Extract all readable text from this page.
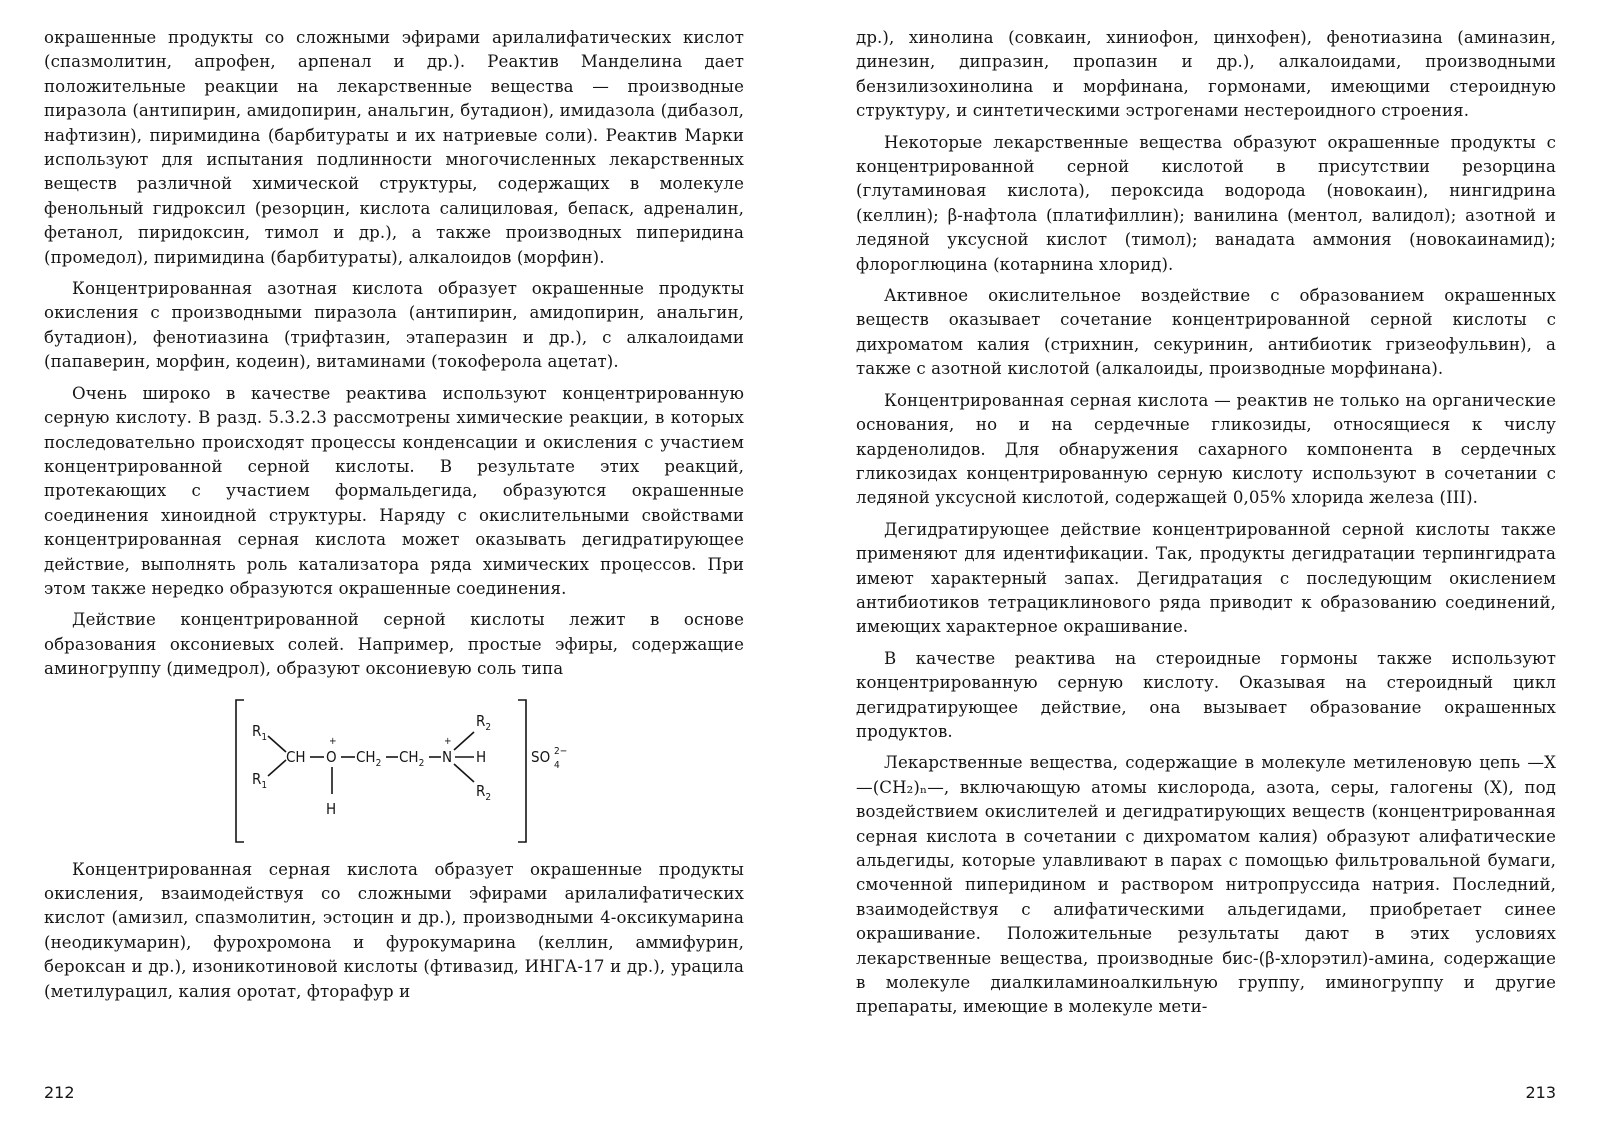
окрашенные продукты со сложными эфирами арилалифатических кислот (спазмолитин, апрофен, арпенал и др.). Реактив Манделина дает положительные реакции на лекарственные вещества — производные пиразола (антипирин, амидопирин, анальгин, бутадион), имидазола (дибазол, нафтизин), пиримидина (барбитураты и их натриевые соли). Реактив Марки используют для испытания подлинности многочисленных лекарственных веществ различной химической структуры, содержащих в молекуле фенольный гидроксил (резорцин, кислота салициловая, бепаск, адреналин, фетанол, пиридоксин, тимол и др.), а также производных пиперидина (промедол), пиримидина (барбитураты), алкалоидов (морфин).

Концентрированная азотная кислота образует окрашенные продукты окисления с производными пиразола (антипирин, амидопирин, анальгин, бутадион), фенотиазина (трифтазин, этаперазин и др.), с алкалоидами (папаверин, морфин, кодеин), витаминами (токоферола ацетат).

Очень широко в качестве реактива используют концентрированную серную кислоту. В разд. 5.3.2.3 рассмотрены химические реакции, в которых последовательно происходят процессы конденсации и окисления с участием концентрированной серной кислоты. В результате этих реакций, протекающих с участием формальдегида, образуются окрашенные соединения хиноидной структуры. Наряду с окислительными свойствами концентрированная серная кислота может оказывать дегидратирующее действие, выполнять роль катализатора ряда химических процессов. При этом также нередко образуются окрашенные соединения.

Действие концентрированной серной кислоты лежит в основе образования оксониевых солей. Например, простые эфиры, содержащие аминогруппу (димедрол), образуют оксониевую соль типа

$R_1$
$R_1$
CH O
+
H
$CH_2$ $CH_2$ N
+
H
$R_2$
$R_2$
SO 2−
4

Концентрированная серная кислота образует окрашенные продукты окисления, взаимодействуя со сложными эфирами арилалифатических кислот (амизил, спазмолитин, эстоцин и др.), производными 4-оксикумарина (неодикумарин), фурохромона и фурокумарина (келлин, аммифурин, бероксан и др.), изоникотиновой кислоты (фтивазид, ИНГА-17 и др.), урацила (метилурацил, калия оротат, фторафур и

212

др.), хинолина (совкаин, хиниофон, цинхофен), фенотиазина (аминазин, динезин, дипразин, пропазин и др.), алкалоидами, производными бензилизохинолина и морфинана, гормонами, имеющими стероидную структуру, и синтетическими эстрогенами нестероидного строения.

Некоторые лекарственные вещества образуют окрашенные продукты с концентрированной серной кислотой в присутствии резорцина (глутаминовая кислота), пероксида водорода (новокаин), нингидрина (келлин); β-нафтола (платифиллин); ванилина (ментол, валидол); азотной и ледяной уксусной кислот (тимол); ванадата аммония (новокаинамид); флороглюцина (котарнина хлорид).

Активное окислительное воздействие с образованием окрашенных веществ оказывает сочетание концентрированной серной кислоты с дихроматом калия (стрихнин, секуринин, антибиотик гризеофульвин), а также с азотной кислотой (алкалоиды, производные морфинана).

Концентрированная серная кислота — реактив не только на органические основания, но и на сердечные гликозиды, относящиеся к числу карденолидов. Для обнаружения сахарного компонента в сердечных гликозидах концентрированную серную кислоту используют в сочетании с ледяной уксусной кислотой, содержащей 0,05% хлорида железа (III).

Дегидратирующее действие концентрированной серной кислоты также применяют для идентификации. Так, продукты дегидратации терпингидрата имеют характерный запах. Дегидратация с последующим окислением антибиотиков тетрациклинового ряда приводит к образованию соединений, имеющих характерное окрашивание.

В качестве реактива на стероидные гормоны также используют концентрированную серную кислоту. Оказывая на стероидный цикл дегидратирующее действие, она вызывает образование окрашенных продуктов.

Лекарственные вещества, содержащие в молекуле метиленовую цепь —X—(CH₂)ₙ—, включающую атомы кислорода, азота, серы, галогены (X), под воздействием окислителей и дегидратирующих веществ (концентрированная серная кислота в сочетании с дихроматом калия) образуют алифатические альдегиды, которые улавливают в парах с помощью фильтровальной бумаги, смоченной пиперидином и раствором нитропруссида натрия. Последний, взаимодействуя с алифатическими альдегидами, приобретает синее окрашивание. Положительные результаты дают в этих условиях лекарственные вещества, производные бис-(β-хлорэтил)-амина, содержащие в молекуле диалкиламиноалкильную группу, иминогруппу и другие препараты, имеющие в молекуле мети-

213
